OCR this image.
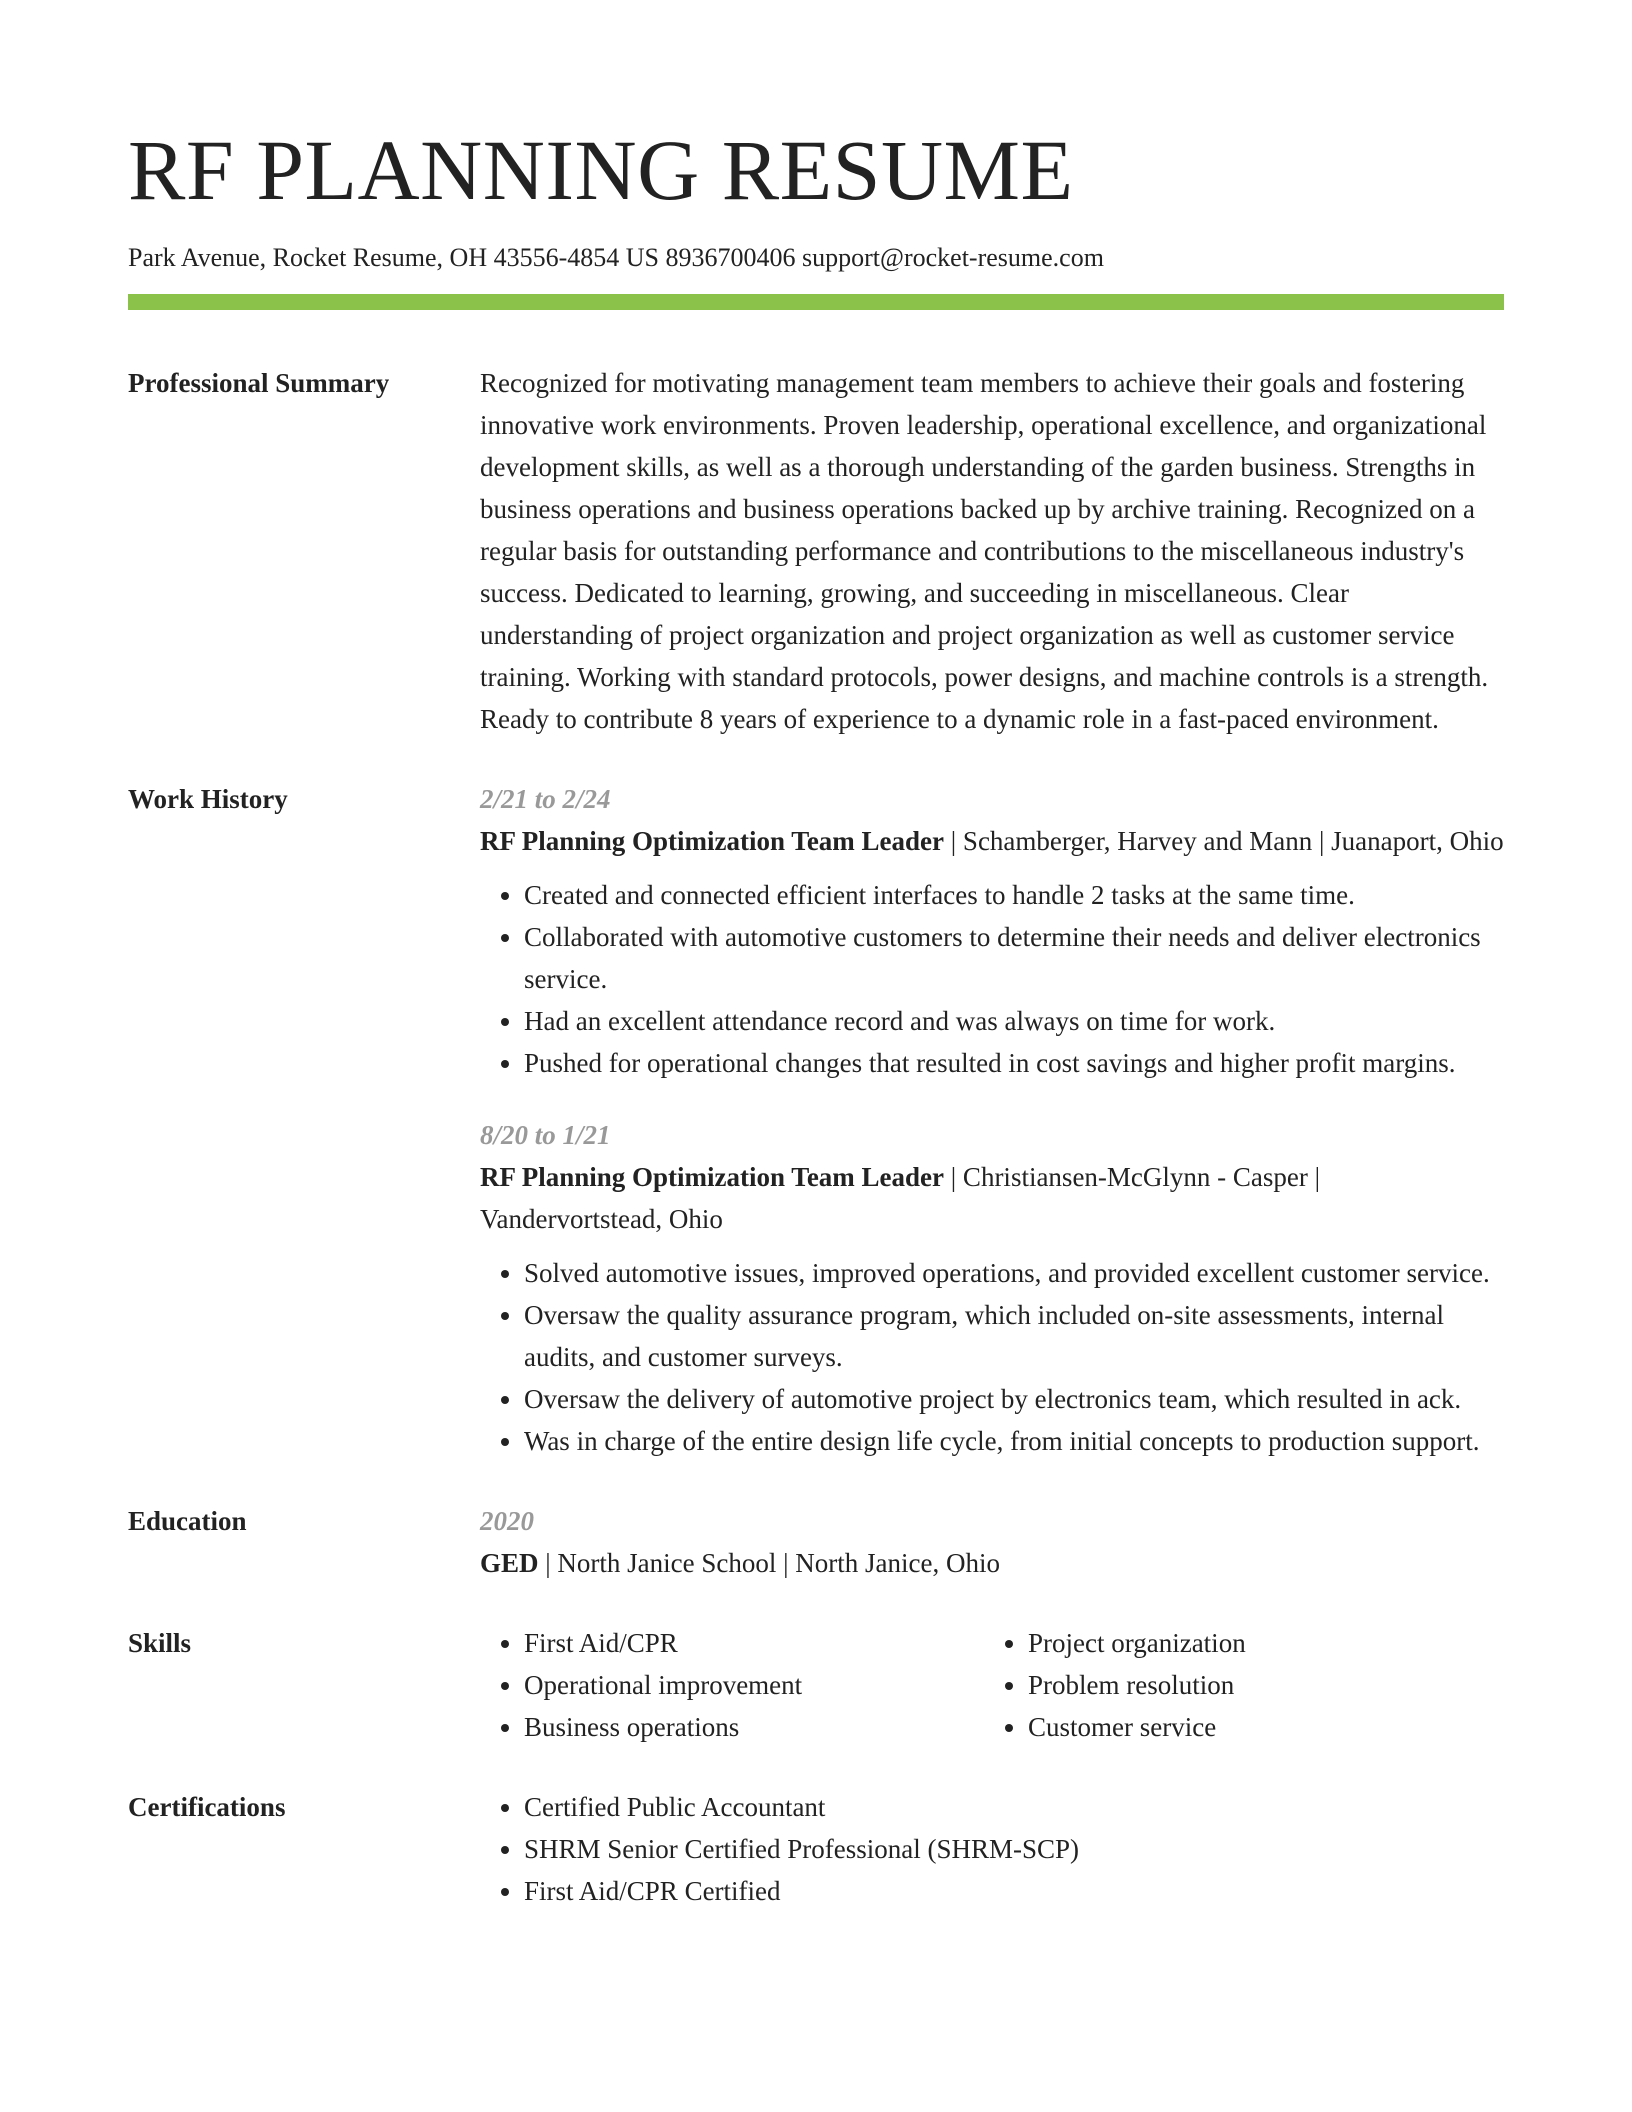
RF PLANNING RESUME
Park Avenue, Rocket Resume, OH 43556-4854 US 8936700406 support@rocket-resume.com
Professional Summary	Recognized for motivating management team members to achieve their goals and fostering innovative work environments. Proven leadership, operational excellence, and organizational development skills, as well as a thorough understanding of the garden business. Strengths in business operations and business operations backed up by archive training. Recognized on a regular basis for outstanding performance and contributions to the miscellaneous industry's success. Dedicated to learning, growing, and succeeding in miscellaneous. Clear understanding of project organization and project organization as well as customer service training. Working with standard protocols, power designs, and machine controls is a strength. Ready to contribute 8 years of experience to a dynamic role in a fast-paced environment.

Work History	2/21 to 2/24
RF Planning Optimization Team Leader | Schamberger, Harvey and Mann | Juanaport, Ohio
• Created and connected efficient interfaces to handle 2 tasks at the same time.
• Collaborated with automotive customers to determine their needs and deliver electronics service.
• Had an excellent attendance record and was always on time for work.
• Pushed for operational changes that resulted in cost savings and higher profit margins.
8/20 to 1/21
RF Planning Optimization Team Leader | Christiansen-McGlynn - Casper | Vandervortstead, Ohio
• Solved automotive issues, improved operations, and provided excellent customer service.
• Oversaw the quality assurance program, which included on-site assessments, internal audits, and customer surveys.
• Oversaw the delivery of automotive project by electronics team, which resulted in ack.
• Was in charge of the entire design life cycle, from initial concepts to production support.
Education	2020
GED | North Janice School | North Janice, Ohio
Skills	• First Aid/CPR
• Operational improvement
• Business operations
• Project organization
• Problem resolution
• Customer service
Certifications	• Certified Public Accountant
• SHRM Senior Certified Professional (SHRM-SCP)
• First Aid/CPR Certified
